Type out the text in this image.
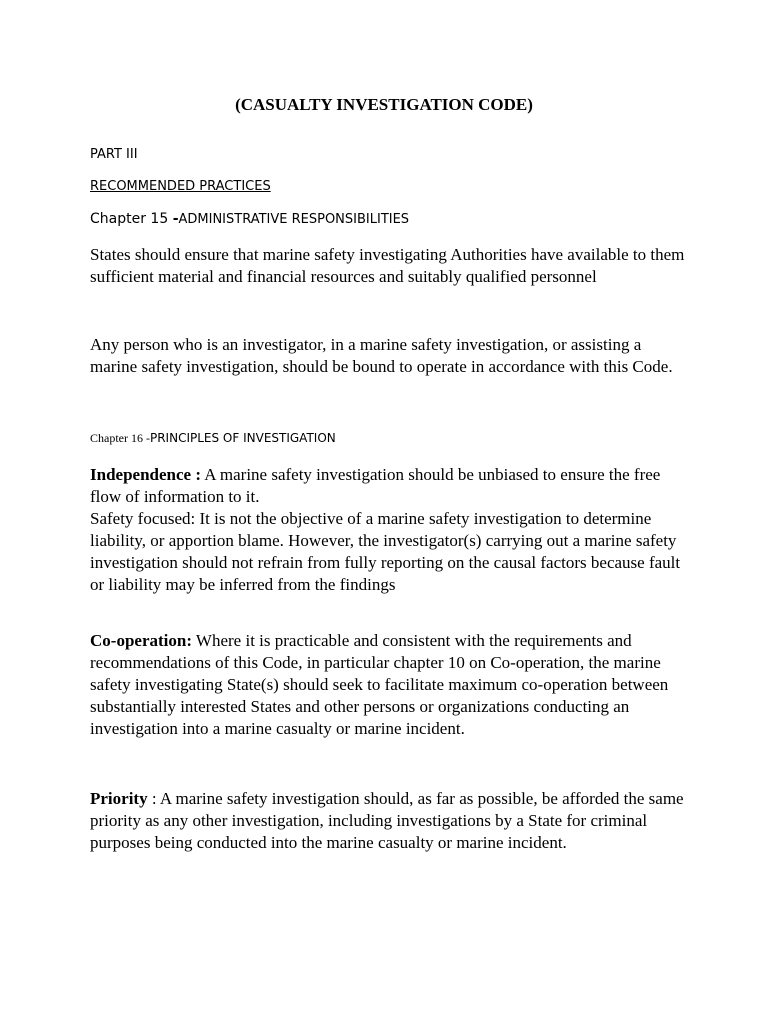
(CASUALTY INVESTIGATION CODE)
PART III
RECOMMENDED PRACTICES
Chapter 15 -ADMINISTRATIVE RESPONSIBILITIES

States should ensure that marine safety investigating Authorities have available to them sufficient material and financial resources and suitably qualified personnel

Any person who is an investigator, in a marine safety investigation, or assisting a marine safety investigation, should be bound to operate in accordance with this Code.

Chapter 16 -PRINCIPLES OF INVESTIGATION

Independence : A marine safety investigation should be unbiased to ensure the free flow of information to it.

Safety focused: It is not the objective of a marine safety investigation to determine liability, or apportion blame. However, the investigator(s) carrying out a marine safety investigation should not refrain from fully reporting on the causal factors because fault or liability may be inferred from the findings

Co-operation: Where it is practicable and consistent with the requirements and recommendations of this Code, in particular chapter 10 on Co-operation, the marine safety investigating State(s) should seek to facilitate maximum co-operation between substantially interested States and other persons or organizations conducting an investigation into a marine casualty or marine incident.

Priority : A marine safety investigation should, as far as possible, be afforded the same priority as any other investigation, including investigations by a State for criminal purposes being conducted into the marine casualty or marine incident.
